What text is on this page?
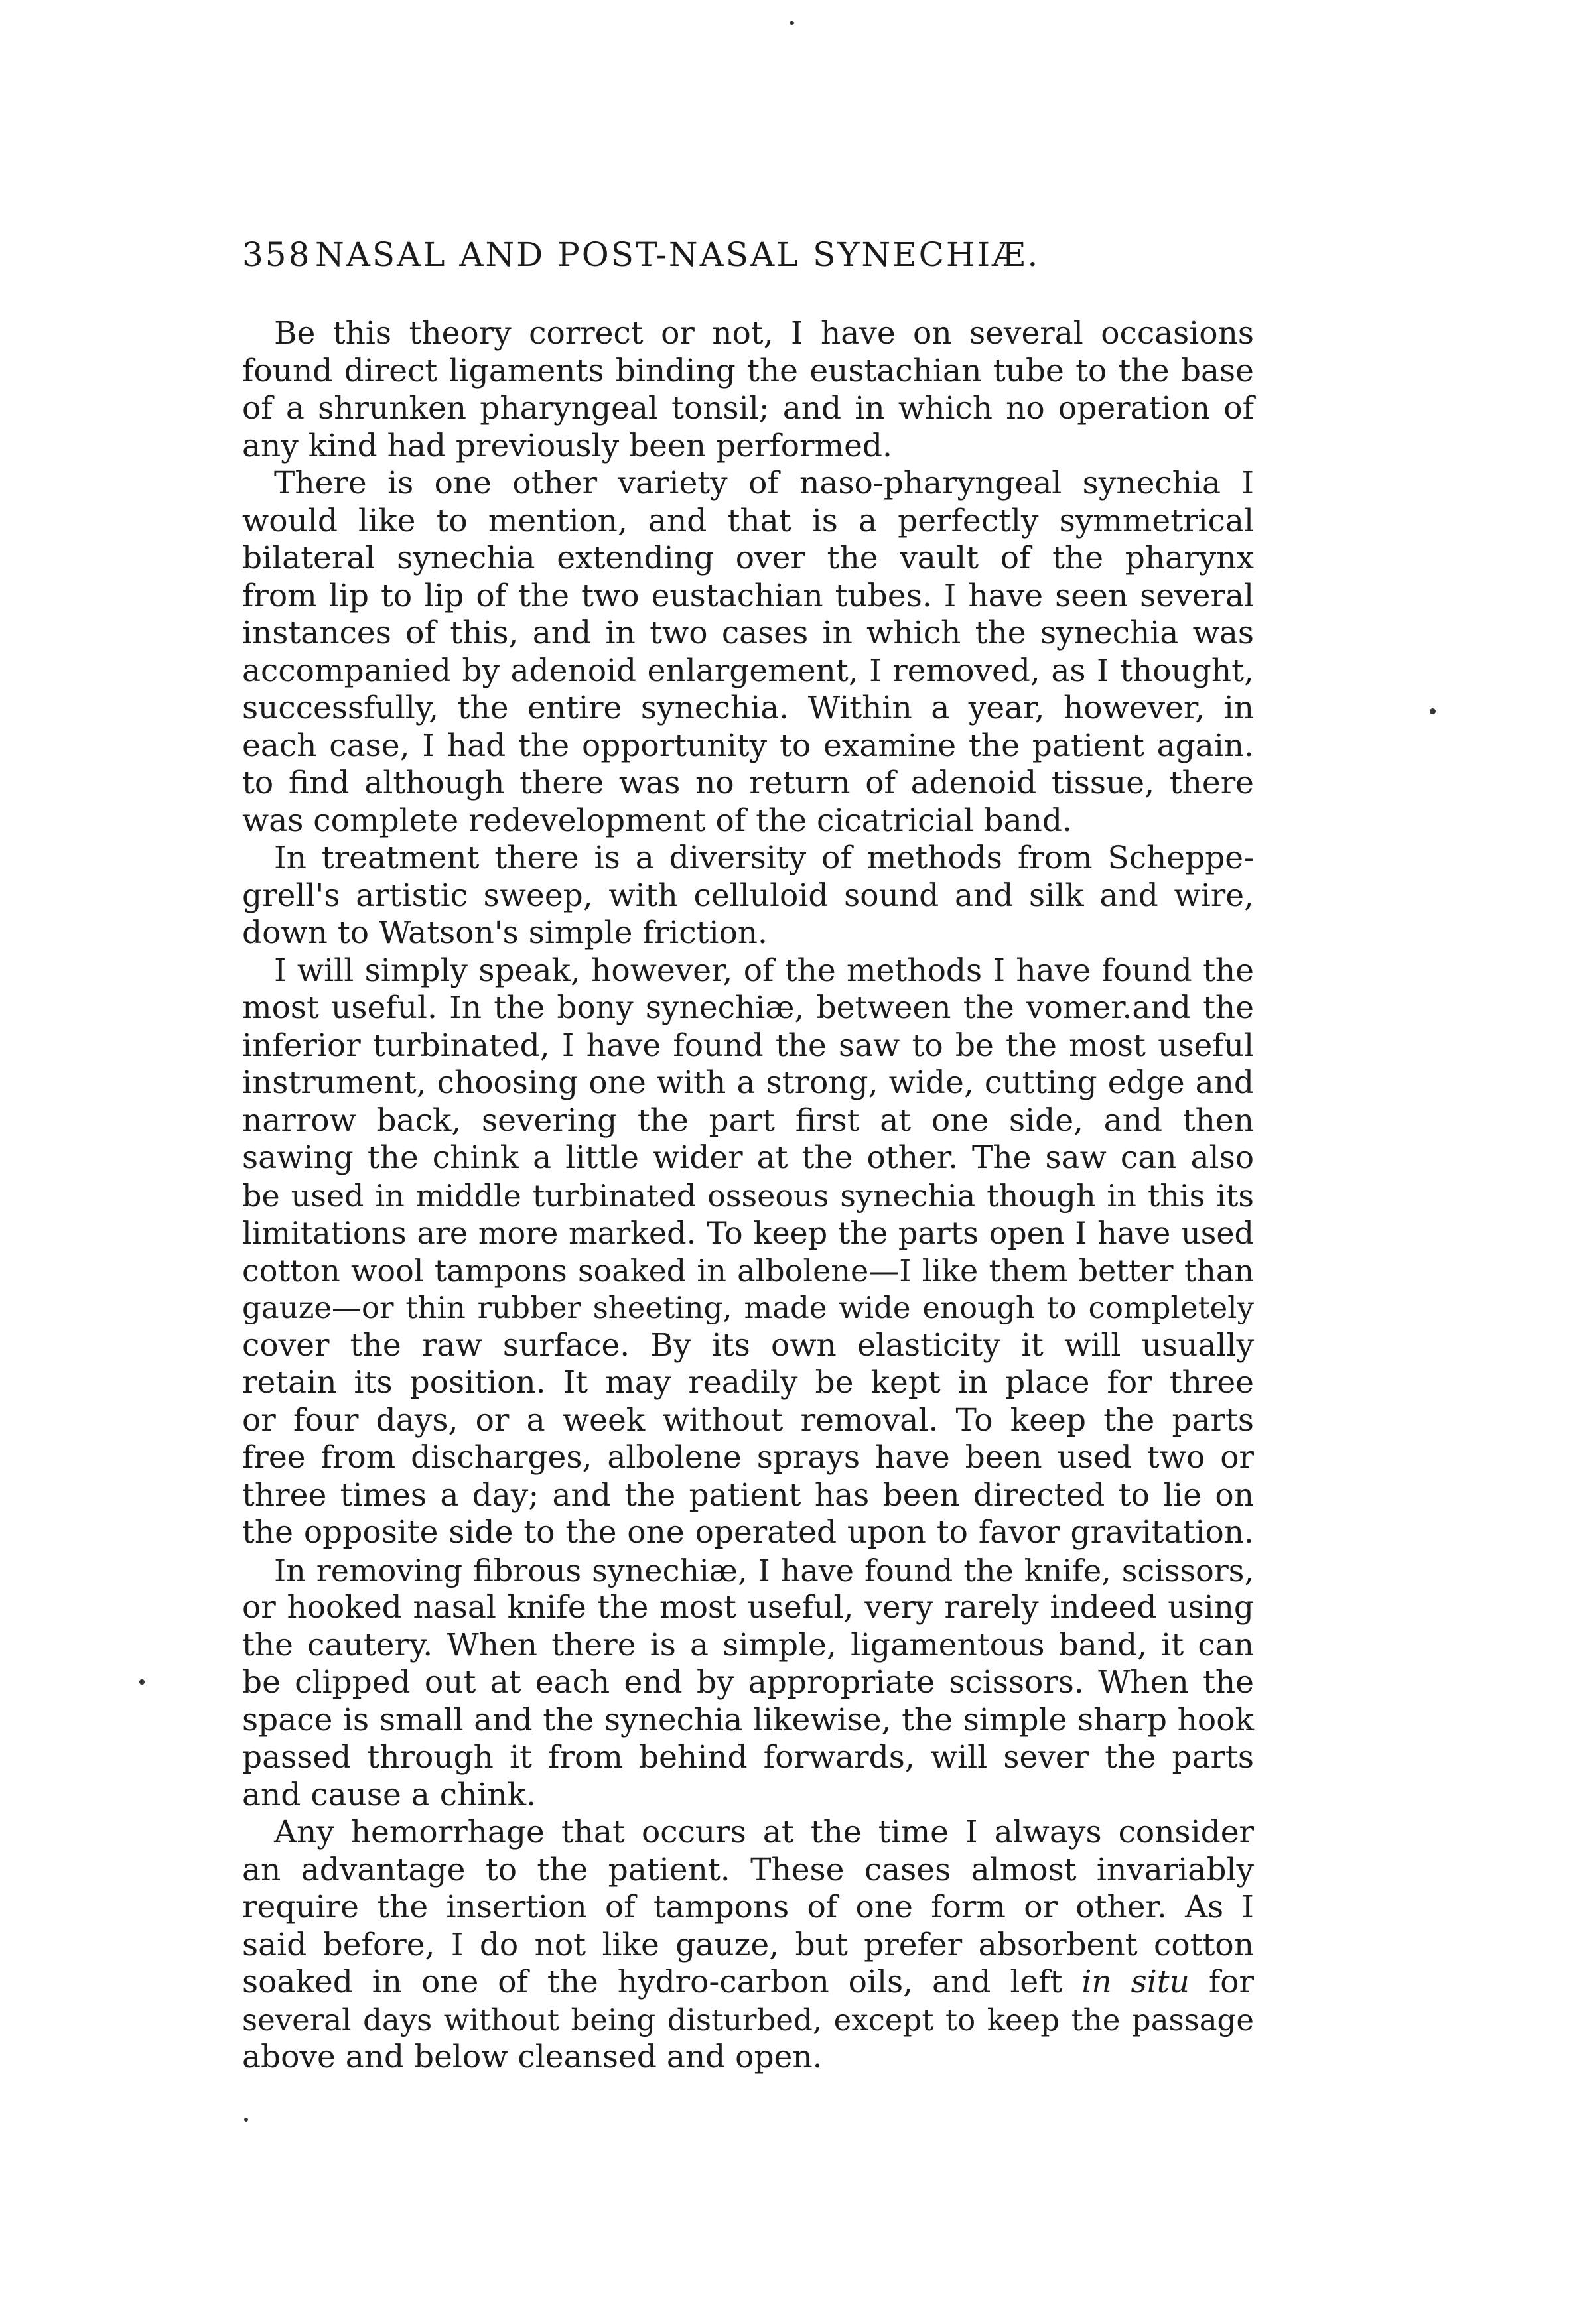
358 NASAL AND POST-NASAL SYNECHIÆ.
Be this theory correct or not, I have on several occasions
found direct ligaments binding the eustachian tube to the base
of a shrunken pharyngeal tonsil; and in which no operation of
any kind had previously been performed.
There is one other variety of naso-pharyngeal synechia I
would like to mention, and that is a perfectly symmetrical
bilateral synechia extending over the vault of the pharynx
from lip to lip of the two eustachian tubes. I have seen several
instances of this, and in two cases in which the synechia was
accompanied by adenoid enlargement, I removed, as I thought,
successfully, the entire synechia. Within a year, however, in
each case, I had the opportunity to examine the patient again.
to find although there was no return of adenoid tissue, there
was complete redevelopment of the cicatricial band.
In treatment there is a diversity of methods from Scheppe-
grell's artistic sweep, with celluloid sound and silk and wire,
down to Watson's simple friction.
I will simply speak, however, of the methods I have found the
most useful. In the bony synechiæ, between the vomer.and the
inferior turbinated, I have found the saw to be the most useful
instrument, choosing one with a strong, wide, cutting edge and
narrow back, severing the part first at one side, and then
sawing the chink a little wider at the other. The saw can also
be used in middle turbinated osseous synechia though in this its
limitations are more marked. To keep the parts open I have used
cotton wool tampons soaked in albolene—I like them better than
gauze—or thin rubber sheeting, made wide enough to completely
cover the raw surface. By its own elasticity it will usually
retain its position. It may readily be kept in place for three
or four days, or a week without removal. To keep the parts
free from discharges, albolene sprays have been used two or
three times a day; and the patient has been directed to lie on
the opposite side to the one operated upon to favor gravitation.
In removing fibrous synechiæ, I have found the knife, scissors,
or hooked nasal knife the most useful, very rarely indeed using
the cautery. When there is a simple, ligamentous band, it can
be clipped out at each end by appropriate scissors. When the
space is small and the synechia likewise, the simple sharp hook
passed through it from behind forwards, will sever the parts
and cause a chink.
Any hemorrhage that occurs at the time I always consider
an advantage to the patient. These cases almost invariably
require the insertion of tampons of one form or other. As I
said before, I do not like gauze, but prefer absorbent cotton
soaked in one of the hydro-carbon oils, and left in situ for
several days without being disturbed, except to keep the passage
above and below cleansed and open.
